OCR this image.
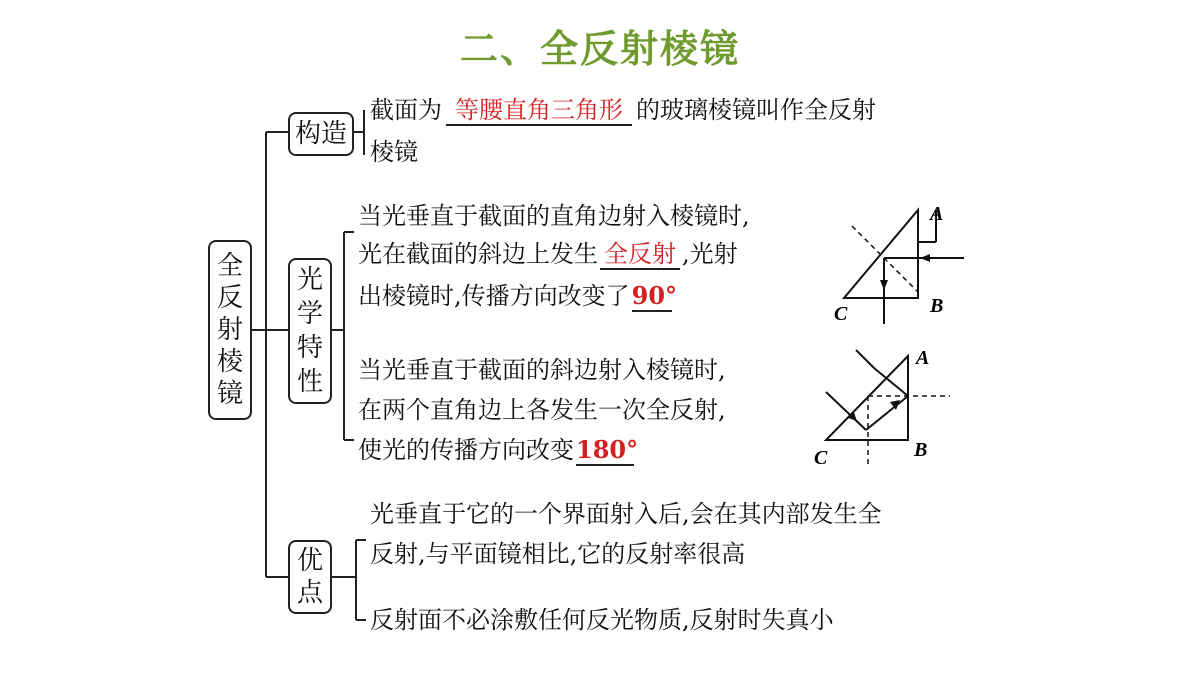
二、全反射棱镜
全
反
射
棱
镜
构造
光
学
特
性
优
点
截面为 等腰直角三角形 的玻璃棱镜叫作全反射
棱镜
当光垂直于截面的直角边射入棱镜时,
光在截面的斜边上发生 全反射 ,光射
出棱镜时,传播方向改变了90°
当光垂直于截面的斜边射入棱镜时,
在两个直角边上各发生一次全反射,
使光的传播方向改变180°
A
B
C
A
B
C
光垂直于它的一个界面射入后,会在其内部发生全
反射,与平面镜相比,它的反射率很高
反射面不必涂敷任何反光物质,反射时失真小
